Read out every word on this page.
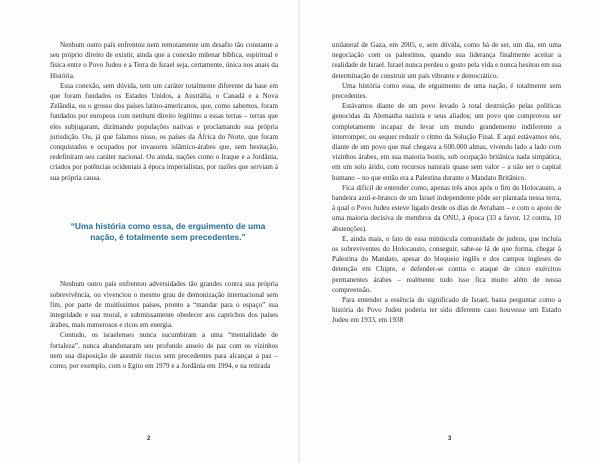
Nenhum outro país enfrentou nem remotamente um desafio tão constante a seu próprio direito de existir, ainda que a conexão milenar bíblica, espiritual e física entre o Povo Judeu e a Terra de Israel seja, certamente, única nos anais da História.

Essa conexão, sem dúvida, tem um caráter totalmente diferente da base em que foram fundados os Estados Unidos, a Austrália, o Canadá e a Nova Zelândia, ou o grosso dos países latino-americanos, que, como sabemos, foram fundados por europeus com nenhum direito legítimo a essas terras – terras que eles subjugaram, dizimando populações nativas e proclamando sua própria jurisdição. Ou, já que falamos nisso, os países da África do Norte, que foram conquistados e ocupados por invasores islâmico-árabes que, sem hesitação, redefiniram seu caráter nacional. Ou ainda, nações como o Iraque e a Jordânia, criados por potências ocidentais à época imperialistas, por razões que serviam à sua própria causa.

“Uma história como essa, de erguimento de uma nação, é totalmente sem precedentes.”

Nenhum outro país enfrentou adversidades tão grandes contra sua própria sobrevivência, ou vivenciou o mesmo grau de demonização internacional sem fim, por parte de muitíssimos países, pronto a “mandar para o espaço” sua integridade e sua moral, e submissamente obedecer aos caprichos dos países árabes, mais numerosos e ricos em energia.

Contudo, os israelenses nunca sucumbiram a uma “mentalidade de fortaleza”, nunca abandonaram seu profundo anseio de paz com os vizinhos nem sua disposição de assumir riscos sem precedentes para alcançar a paz – como, por exemplo, com o Egito em 1979 e a Jordânia em 1994, e na retirada

2

unilateral de Gaza, em 2005, e, sem dúvida, como há de ser, um dia, em uma negociação com os palestinos, quando sua liderança finalmente aceitar a realidade de Israel. Israel nunca perdeu o gosto pela vida e nunca hesitou em sua determinação de construir um país vibrante e democrático.

Uma história como essa, de erguimento de uma nação, é totalmente sem precedentes.

Estávamos diante de um povo levado à total destruição pelas políticas genocidas da Alemanha nazista e seus aliados; um povo que comprovou ser completamente incapaz de levar um mundo grandemente indiferente a interromper, ou sequer reduzir o ritmo da Solução Final. E aqui estávamos nós, diante de um povo que mal chegava a 600.000 almas, vivendo lado a lado com vizinhos árabes, em sua maioria hostis, sob ocupação britânica nada simpática, em um solo árido, com recursos naturais quase sem valor – a não ser o capital humano – no que então era a Palestina durante o Mandato Britânico.

Fica difícil de entender como, apenas três anos após o fim do Holocausto, a bandeira azul-e-branco de um Israel independente pôde ser plantada nessa terra, à qual o Povo Judeu esteve ligado desde os dias de Avraham – e com o apoio de uma maioria decisiva de membros da ONU, à época (33 a favor, 12 contra, 10 abstenções).

E, ainda mais, o fato de essa minúscula comunidade de judeus, que incluía os sobreviventes do Holocausto, conseguir, sabe-se lá de que forma, chegar à Palestina do Mandato, apesar do bloqueio inglês e dos campos ingleses de detenção em Chipre, e defender-se contra o ataque de cinco exércitos permanentes árabes – realmente tudo isso fica muito além de nossa compreensão.

Para entender a essência do significado de Israel, basta perguntar como a história do Povo Judeu poderia ter sido diferente caso houvesse um Estado Judeu em 1933, em 1938

3
